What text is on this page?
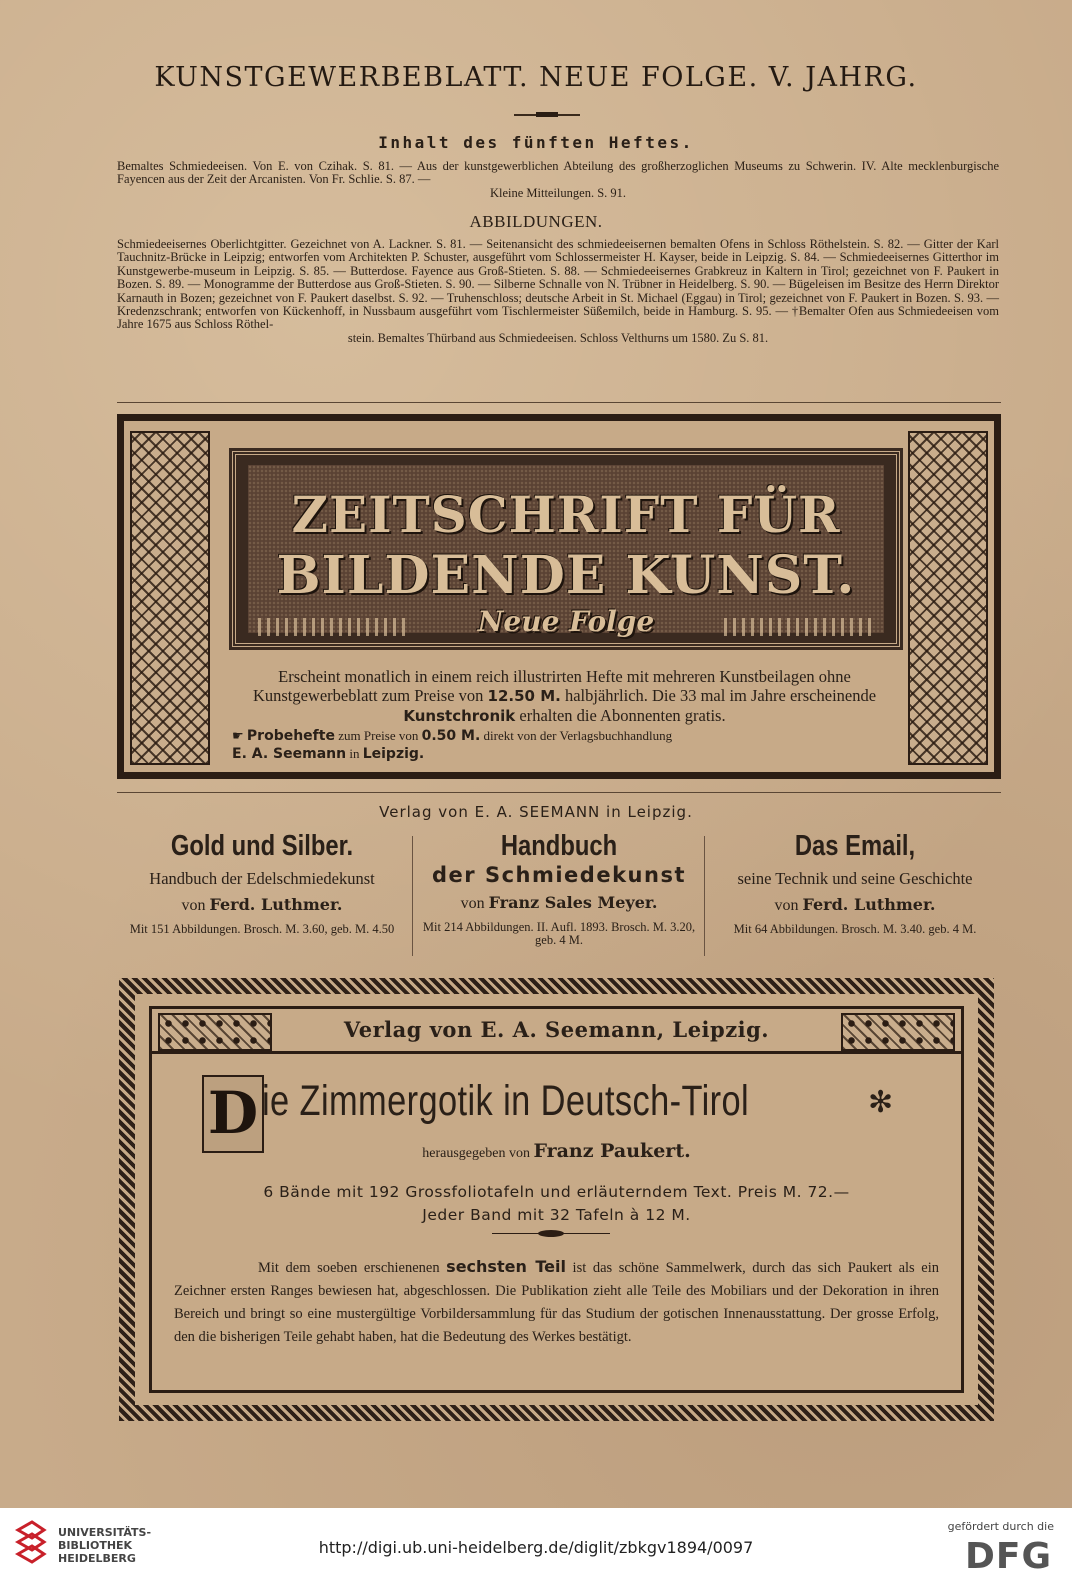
KUNSTGEWERBEBLATT. NEUE FOLGE. V. JAHRG.
Inhalt des fünften Heftes.
Bemaltes Schmiedeeisen. Von E. von Czihak. S. 81. — Aus der kunstgewerblichen Abteilung des großherzoglichen Museums zu Schwerin. IV. Alte mecklenburgische Fayencen aus der Zeit der Arcanisten. Von Fr. Schlie. S. 87. —
Kleine Mitteilungen. S. 91.
ABBILDUNGEN.
Schmiedeeisernes Oberlichtgitter. Gezeichnet von A. Lackner. S. 81. — Seitenansicht des schmiedeeisernen bemalten Ofens in Schloss Röthelstein. S. 82. — Gitter der Karl Tauchnitz-Brücke in Leipzig; entworfen vom Architekten P. Schuster, ausgeführt vom Schlossermeister H. Kayser, beide in Leipzig. S. 84. — Schmiedeeisernes Gitterthor im Kunstgewerbe-museum in Leipzig. S. 85. — Butterdose. Fayence aus Groß-Stieten. S. 88. — Schmiedeeisernes Grabkreuz in Kaltern in Tirol; gezeichnet von F. Paukert in Bozen. S. 89. — Monogramme der Butterdose aus Groß-Stieten. S. 90. — Silberne Schnalle von N. Trübner in Heidelberg. S. 90. — Bügeleisen im Besitze des Herrn Direktor Karnauth in Bozen; gezeichnet von F. Paukert daselbst. S. 92. — Truhenschloss; deutsche Arbeit in St. Michael (Eggau) in Tirol; gezeichnet von F. Paukert in Bozen. S. 93. — Kredenzschrank; entworfen von Kückenhoff, in Nussbaum ausgeführt vom Tischlermeister Süßemilch, beide in Hamburg. S. 95. — †Bemalter Ofen aus Schmiedeeisen vom Jahre 1675 aus Schloss Röthel-
stein. Bemaltes Thürband aus Schmiedeeisen. Schloss Velthurns um 1580. Zu S. 81.
ZEITSCHRIFT FÜR
BILDENDE KUNST.
Neue Folge
Erscheint monatlich in einem reich illustrirten Hefte mit mehreren Kunstbeilagen ohne Kunstgewerbeblatt zum Preise von 12.50 M. halbjährlich. Die 33 mal im Jahre erscheinende Kunstchronik erhalten die Abonnenten gratis.
☛ Probehefte zum Preise von 0.50 M. direkt von der Verlagsbuchhandlung
E. A. Seemann in Leipzig.
Verlag von E. A. SEEMANN in Leipzig.
Gold und Silber.
Handbuch der Edelschmiedekunst
von Ferd. Luthmer.
Mit 151 Abbildungen. Brosch. M. 3.60, geb. M. 4.50
Handbuch
der Schmiedekunst
von Franz Sales Meyer.
Mit 214 Abbildungen. II. Aufl. 1893. Brosch. M. 3.20, geb. 4 M.
Das Email,
seine Technik und seine Geschichte
von Ferd. Luthmer.
Mit 64 Abbildungen. Brosch. M. 3.40. geb. 4 M.
Verlag von E. A. Seemann, Leipzig.
D ie Zimmergotik in Deutsch-Tirol	✻
herausgegeben von Franz Paukert.
6 Bände mit 192 Grossfoliotafeln und erläuterndem Text. Preis M. 72.—
Jeder Band mit 32 Tafeln à 12 M.
Mit dem soeben erschienenen sechsten Teil ist das schöne Sammelwerk, durch das sich Paukert als ein Zeichner ersten Ranges bewiesen hat, abgeschlossen. Die Publikation zieht alle Teile des Mobiliars und der Dekoration in ihren Bereich und bringt so eine mustergültige Vorbildersammlung für das Studium der gotischen Innenausstattung. Der grosse Erfolg, den die bisherigen Teile gehabt haben, hat die Bedeutung des Werkes bestätigt.
UNIVERSITÄTS-
BIBLIOTHEK
HEIDELBERG
http://digi.ub.uni-heidelberg.de/diglit/zbkgv1894/0097
gefördert durch die
DFG
